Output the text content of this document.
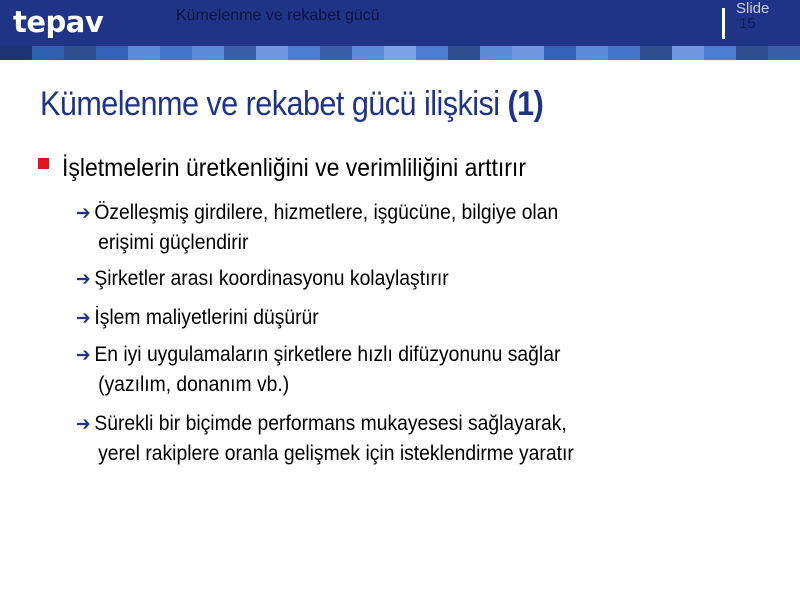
tepav	Kümelenme ve rekabet gücü	Slide
15
Kümelenme ve rekabet gücü ilişkisi (1)
İşletmelerin üretkenliğini ve verimliliğini arttırır
➔ Özelleşmiş girdilere, hizmetlere, işgücüne, bilgiye olan
erişimi güçlendirir
➔ Şirketler arası koordinasyonu kolaylaştırır
➔ İşlem maliyetlerini düşürür
➔ En iyi uygulamaların şirketlere hızlı difüzyonunu sağlar
(yazılım, donanım vb.)
➔ Sürekli bir biçimde performans mukayesesi sağlayarak,
yerel rakiplere oranla gelişmek için isteklendirme yaratır
